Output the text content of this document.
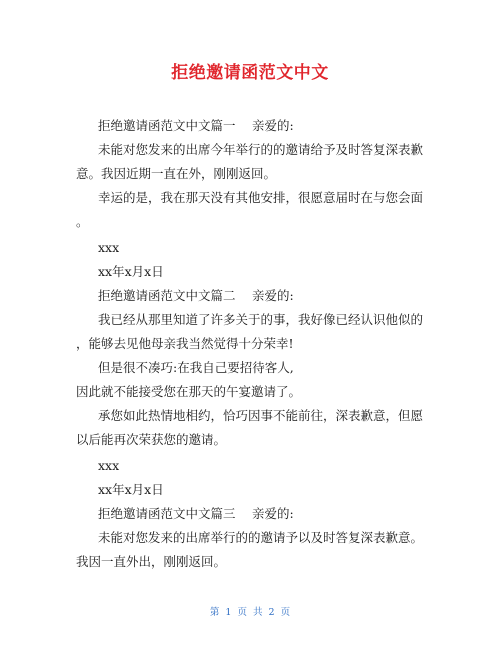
拒绝邀请函范文中文
拒绝邀请函范文中文篇一　 亲爱的:
未能对您发来的出席今年举行的的邀请给予及时答复深表歉
意。我因近期一直在外，刚刚返回。
幸运的是，我在那天没有其他安排，很愿意届时在与您会面
。
xxx
xx年x月x日
拒绝邀请函范文中文篇二　 亲爱的:
我已经从那里知道了许多关于的事，我好像已经认识他似的
，能够去见他母亲我当然觉得十分荣幸!
但是很不凑巧:在我自己要招待客人,
因此就不能接受您在那天的午宴邀请了。
承您如此热情地相约，恰巧因事不能前往，深表歉意，但愿
以后能再次荣获您的邀请。
xxx
xx年x月x日
拒绝邀请函范文中文篇三　 亲爱的:
未能对您发来的出席举行的的邀请予以及时答复深表歉意。
我因一直外出，刚刚返回。
第 1 页 共 2 页
